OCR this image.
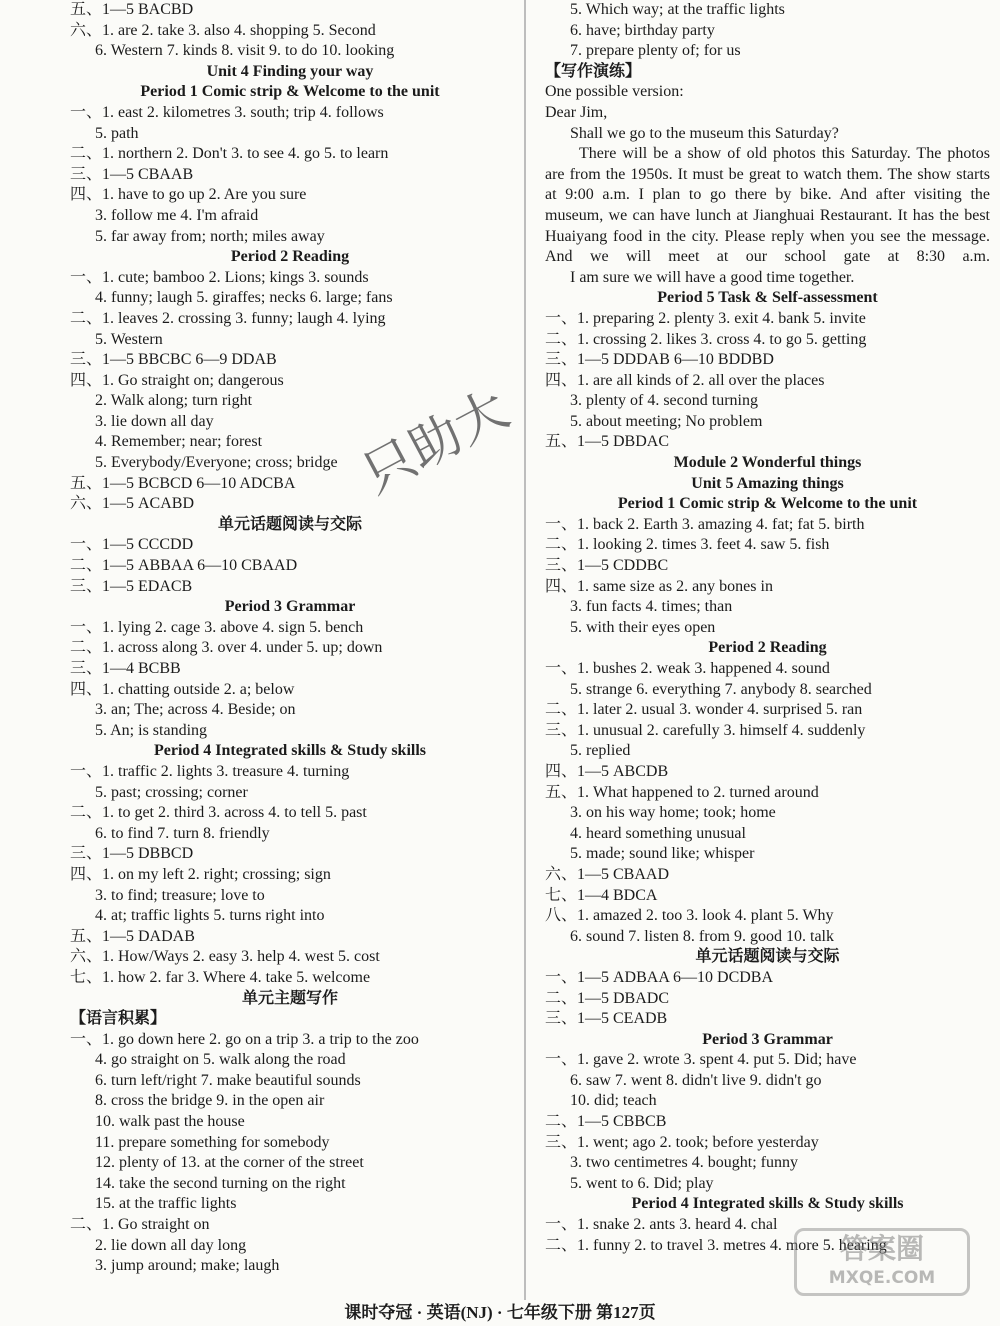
五、1—5 BACBD
六、1. are 2. take 3. also 4. shopping 5. Second
6. Western 7. kinds 8. visit 9. to do 10. looking
Unit 4 Finding your way
Period 1 Comic strip & Welcome to the unit
一、1. east 2. kilometres 3. south; trip 4. follows
5. path
二、1. northern 2. Don't 3. to see 4. go 5. to learn
三、1—5 CBAAB
四、1. have to go up 2. Are you sure
3. follow me 4. I'm afraid
5. far away from; north; miles away
Period 2 Reading
一、1. cute; bamboo 2. Lions; kings 3. sounds
4. funny; laugh 5. giraffes; necks 6. large; fans
二、1. leaves 2. crossing 3. funny; laugh 4. lying
5. Western
三、1—5 BBCBC 6—9 DDAB
四、1. Go straight on; dangerous
2. Walk along; turn right
3. lie down all day
4. Remember; near; forest
5. Everybody/Everyone; cross; bridge
五、1—5 BCBCD 6—10 ADCBA
六、1—5 ACABD
单元话题阅读与交际
一、1—5 CCCDD
二、1—5 ABBAA 6—10 CBAAD
三、1—5 EDACB
Period 3 Grammar
一、1. lying 2. cage 3. above 4. sign 5. bench
二、1. across along 3. over 4. under 5. up; down
三、1—4 BCBB
四、1. chatting outside 2. a; below
3. an; The; across 4. Beside; on
5. An; is standing
Period 4 Integrated skills & Study skills
一、1. traffic 2. lights 3. treasure 4. turning
5. past; crossing; corner
二、1. to get 2. third 3. across 4. to tell 5. past
6. to find 7. turn 8. friendly
三、1—5 DBBCD
四、1. on my left 2. right; crossing; sign
3. to find; treasure; love to
4. at; traffic lights 5. turns right into
五、1—5 DADAB
六、1. How/Ways 2. easy 3. help 4. west 5. cost
七、1. how 2. far 3. Where 4. take 5. welcome
单元主题写作
【语言积累】
一、1. go down here 2. go on a trip 3. a trip to the zoo
4. go straight on 5. walk along the road
6. turn left/right 7. make beautiful sounds
8. cross the bridge 9. in the open air
10. walk past the house
11. prepare something for somebody
12. plenty of 13. at the corner of the street
14. take the second turning on the right
15. at the traffic lights
二、1. Go straight on
2. lie down all day long
3. jump around; make; laugh
5. Which way; at the traffic lights
6. have; birthday party
7. prepare plenty of; for us
【写作演练】
One possible version:
Dear Jim,
Shall we go to the museum this Saturday?
There will be a show of old photos this Saturday. The photos are from the 1950s. It must be great to watch them. The show starts at 9:00 a.m. I plan to go there by bike. And after visiting the museum, we can have lunch at Jianghuai Restaurant. It has the best Huaiyang food in the city. Please reply when you see the message. And we will meet at our school gate at 8:30 a.m.
I am sure we will have a good time together.
Period 5 Task & Self-assessment
一、1. preparing 2. plenty 3. exit 4. bank 5. invite
二、1. crossing 2. likes 3. cross 4. to go 5. getting
三、1—5 DDDAB 6—10 BDDBD
四、1. are all kinds of 2. all over the places
3. plenty of 4. second turning
5. about meeting; No problem
五、1—5 DBDAC
Module 2 Wonderful things
Unit 5 Amazing things
Period 1 Comic strip & Welcome to the unit
一、1. back 2. Earth 3. amazing 4. fat; fat 5. birth
二、1. looking 2. times 3. feet 4. saw 5. fish
三、1—5 CDDBC
四、1. same size as 2. any bones in
3. fun facts 4. times; than
5. with their eyes open
Period 2 Reading
一、1. bushes 2. weak 3. happened 4. sound
5. strange 6. everything 7. anybody 8. searched
二、1. later 2. usual 3. wonder 4. surprised 5. ran
三、1. unusual 2. carefully 3. himself 4. suddenly
5. replied
四、1—5 ABCDB
五、1. What happened to 2. turned around
3. on his way home; took; home
4. heard something unusual
5. made; sound like; whisper
六、1—5 CBAAD
七、1—4 BDCA
八、1. amazed 2. too 3. look 4. plant 5. Why
6. sound 7. listen 8. from 9. good 10. talk
单元话题阅读与交际
一、1—5 ADBAA 6—10 DCDBA
二、1—5 DBADC
三、1—5 CEADB
Period 3 Grammar
一、1. gave 2. wrote 3. spent 4. put 5. Did; have
6. saw 7. went 8. didn't live 9. didn't go
10. did; teach
二、1—5 CBBCB
三、1. went; ago 2. took; before yesterday
3. two centimetres 4. bought; funny
5. went to 6. Did; play
Period 4 Integrated skills & Study skills
一、1. snake 2. ants 3. heard 4. chal
二、1. funny 2. to travel 3. metres 4. more 5. hearing
只助大
答案圈
MXQE.COM
课时夺冠 · 英语(NJ) · 七年级下册 第127页
